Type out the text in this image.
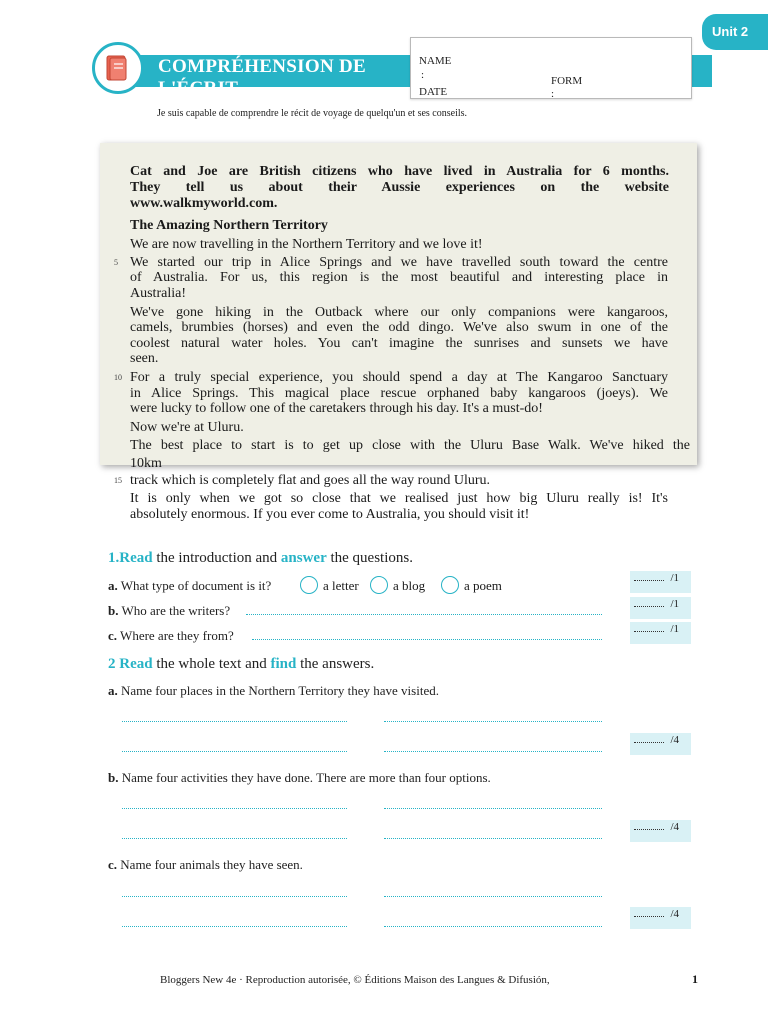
Unit 2
COMPRÉHENSION DE
L'ÉCRIT
NAME
:
DATE
FORM
:
Je suis capable de comprendre le récit de voyage de quelqu'un et ses conseils.
Cat and Joe are British citizens who have lived in Australia for 6 months.
They tell us about their Aussie experiences on the website
www.walkmyworld.com.
The Amazing Northern Territory
We are now travelling in the Northern Territory and we love it!
We started our trip in Alice Springs and we have travelled south toward the centre
of Australia. For us, this region is the most beautiful and interesting place in
Australia!
We've gone hiking in the Outback where our only companions were kangaroos,
camels, brumbies (horses) and even the odd dingo. We've also swum in one of the
coolest natural water holes. You can't imagine the sunrises and sunsets we have
seen.
For a truly special experience, you should spend a day at The Kangaroo Sanctuary
in Alice Springs. This magical place rescue orphaned baby kangaroos (joeys). We
were lucky to follow one of the caretakers through his day. It's a must-do!
Now we're at Uluru.
The best place to start is to get up close with the Uluru Base Walk. We've hiked the
10km
track which is completely flat and goes all the way round Uluru.
It is only when we got so close that we realised just how big Uluru really is! It's
absolutely enormous. If you ever come to Australia, you should visit it!
5
10
15
1.Read the introduction and answer the questions.
a. What type of document is it?	a letter	a blog	a poem	/1
b. Who are the writers?	/1
c. Where are they from?	/1
2 Read the whole text and find the answers.
a. Name four places in the Northern Territory they have visited.
/4
b. Name four activities they have done. There are more than four options.
/4
c. Name four animals they have seen.
/4
Bloggers New 4e · Reproduction autorisée, © Éditions Maison des Langues & Difusión,	1
